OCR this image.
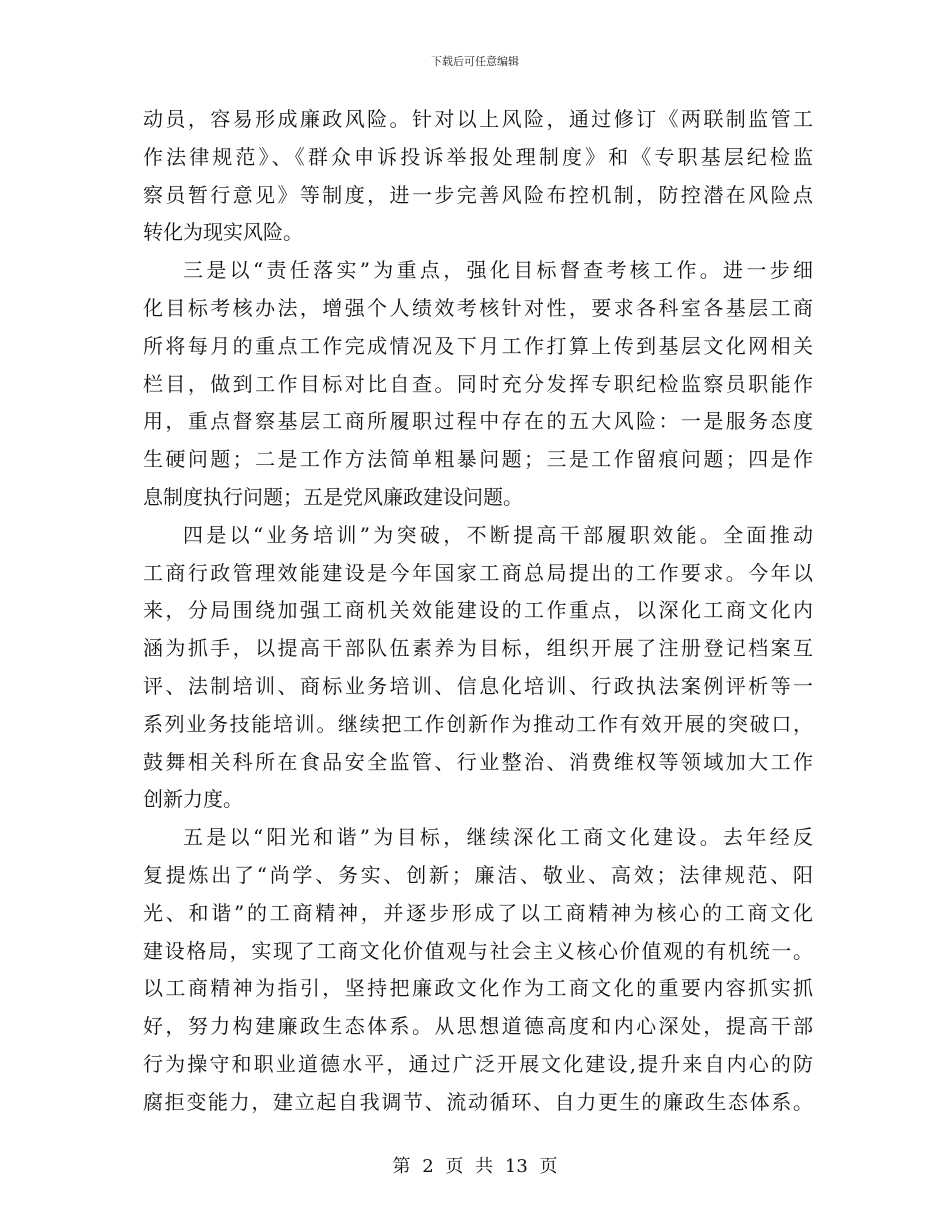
下载后可任意编辑
动员，容易形成廉政风险。针对以上风险，通过修订《两联制监管工
作法律规范》、《群众申诉投诉举报处理制度》和《专职基层纪检监
察员暂行意见》等制度，进一步完善风险布控机制，防控潜在风险点
转化为现实风险。
三是以“责任落实”为重点，强化目标督查考核工作。进一步细
化目标考核办法，增强个人绩效考核针对性，要求各科室各基层工商
所将每月的重点工作完成情况及下月工作打算上传到基层文化网相关
栏目，做到工作目标对比自查。同时充分发挥专职纪检监察员职能作
用，重点督察基层工商所履职过程中存在的五大风险：一是服务态度
生硬问题；二是工作方法简单粗暴问题；三是工作留痕问题；四是作
息制度执行问题；五是党风廉政建设问题。
四是以“业务培训”为突破，不断提高干部履职效能。全面推动
工商行政管理效能建设是今年国家工商总局提出的工作要求。今年以
来，分局围绕加强工商机关效能建设的工作重点，以深化工商文化内
涵为抓手，以提高干部队伍素养为目标，组织开展了注册登记档案互
评、法制培训、商标业务培训、信息化培训、行政执法案例评析等一
系列业务技能培训。继续把工作创新作为推动工作有效开展的突破口，
鼓舞相关科所在食品安全监管、行业整治、消费维权等领域加大工作
创新力度。
五是以“阳光和谐”为目标，继续深化工商文化建设。去年经反
复提炼出了“尚学、务实、创新；廉洁、敬业、高效；法律规范、阳
光、和谐”的工商精神，并逐步形成了以工商精神为核心的工商文化
建设格局，实现了工商文化价值观与社会主义核心价值观的有机统一。
以工商精神为指引，坚持把廉政文化作为工商文化的重要内容抓实抓
好，努力构建廉政生态体系。从思想道德高度和内心深处，提高干部
行为操守和职业道德水平，通过广泛开展文化建设,提升来自内心的防
腐拒变能力，建立起自我调节、流动循环、自力更生的廉政生态体系。
第 2 页 共 13 页
